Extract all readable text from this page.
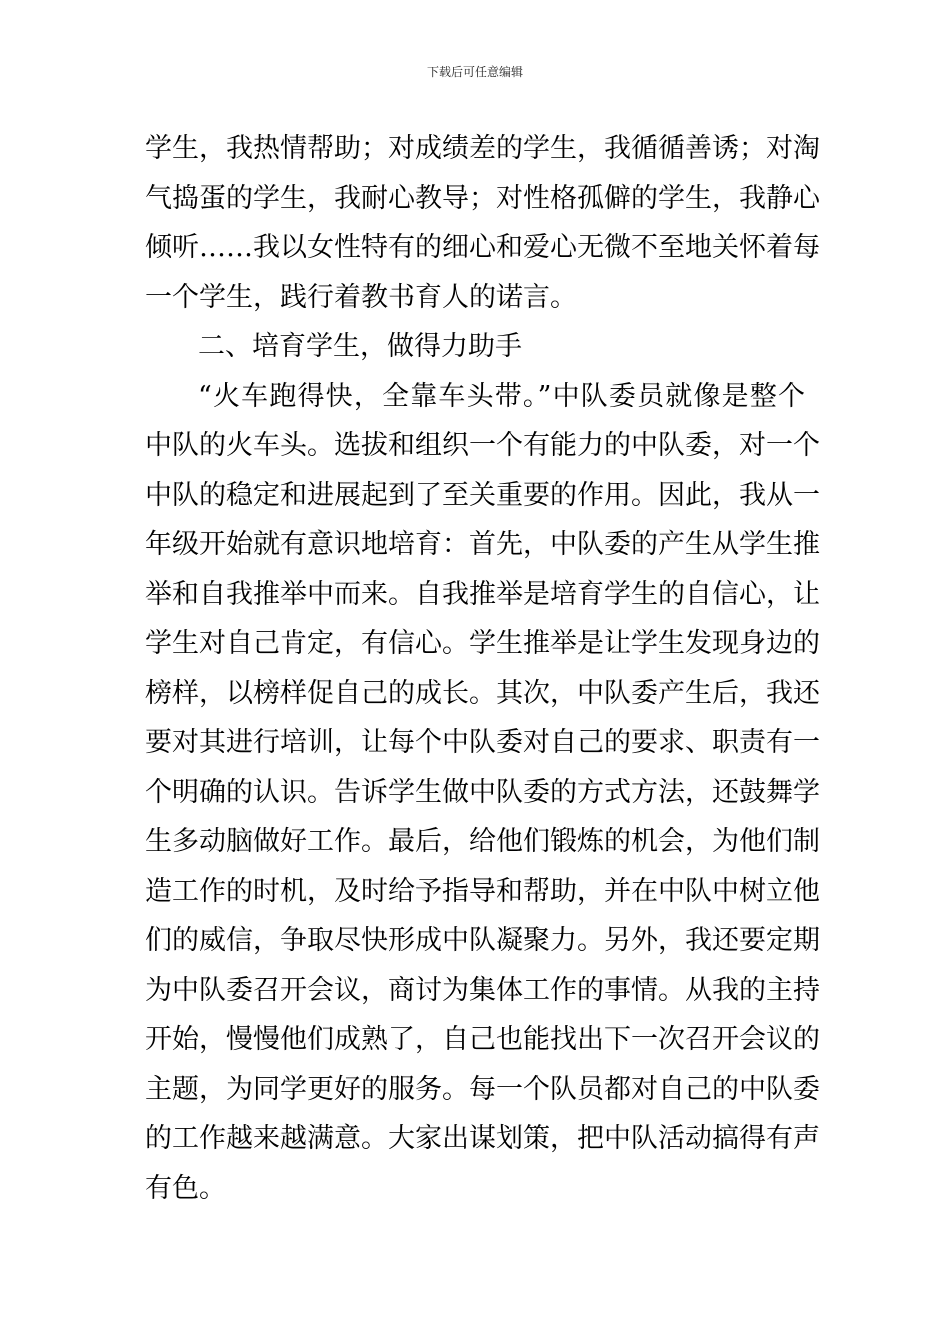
下载后可任意编辑
学生，我热情帮助；对成绩差的学生，我循循善诱；对淘
气捣蛋的学生，我耐心教导；对性格孤僻的学生，我静心
倾听……我以女性特有的细心和爱心无微不至地关怀着每
一个学生，践行着教书育人的诺言。
二、培育学生，做得力助手
“火车跑得快，全靠车头带。”中队委员就像是整个
中队的火车头。选拔和组织一个有能力的中队委，对一个
中队的稳定和进展起到了至关重要的作用。因此，我从一
年级开始就有意识地培育：首先，中队委的产生从学生推
举和自我推举中而来。自我推举是培育学生的自信心，让
学生对自己肯定，有信心。学生推举是让学生发现身边的
榜样，以榜样促自己的成长。其次，中队委产生后，我还
要对其进行培训，让每个中队委对自己的要求、职责有一
个明确的认识。告诉学生做中队委的方式方法，还鼓舞学
生多动脑做好工作。最后，给他们锻炼的机会，为他们制
造工作的时机，及时给予指导和帮助，并在中队中树立他
们的威信，争取尽快形成中队凝聚力。另外，我还要定期
为中队委召开会议，商讨为集体工作的事情。从我的主持
开始，慢慢他们成熟了，自己也能找出下一次召开会议的
主题，为同学更好的服务。每一个队员都对自己的中队委
的工作越来越满意。大家出谋划策，把中队活动搞得有声
有色。
